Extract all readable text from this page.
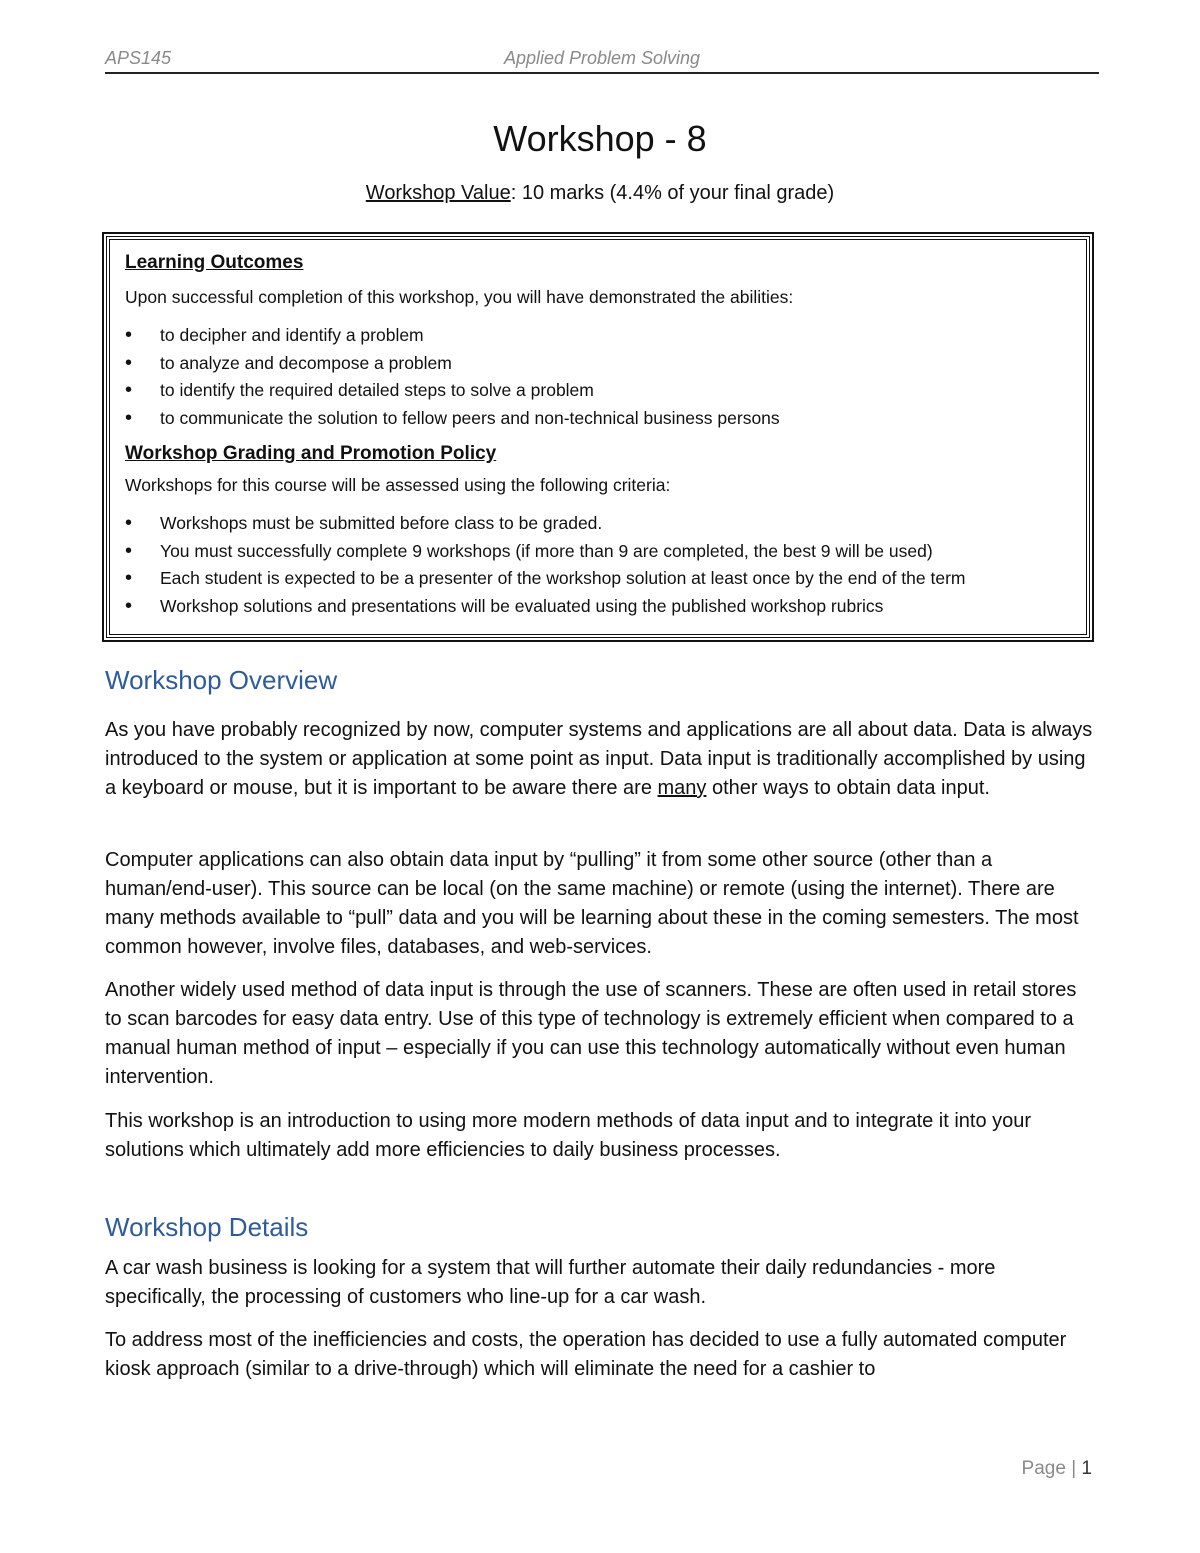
APS145	Applied Problem Solving
Workshop - 8
Workshop Value: 10 marks (4.4% of your final grade)
Learning Outcomes

Upon successful completion of this workshop, you will have demonstrated the abilities:

• to decipher and identify a problem
• to analyze and decompose a problem
• to identify the required detailed steps to solve a problem
• to communicate the solution to fellow peers and non-technical business persons
Workshop Grading and Promotion Policy

Workshops for this course will be assessed using the following criteria:

• Workshops must be submitted before class to be graded.
• You must successfully complete 9 workshops (if more than 9 are completed, the best 9 will be used)
• Each student is expected to be a presenter of the workshop solution at least once by the end of the term
• Workshop solutions and presentations will be evaluated using the published workshop rubrics
Workshop Overview

As you have probably recognized by now, computer systems and applications are all about data. Data is always introduced to the system or application at some point as input. Data input is traditionally accomplished by using a keyboard or mouse, but it is important to be aware there are many other ways to obtain data input.

Computer applications can also obtain data input by “pulling” it from some other source (other than a human/end-user). This source can be local (on the same machine) or remote (using the internet). There are many methods available to “pull” data and you will be learning about these in the coming semesters. The most common however, involve files, databases, and web-services.

Another widely used method of data input is through the use of scanners. These are often used in retail stores to scan barcodes for easy data entry. Use of this type of technology is extremely efficient when compared to a manual human method of input – especially if you can use this technology automatically without even human intervention.

This workshop is an introduction to using more modern methods of data input and to integrate it into your solutions which ultimately add more efficiencies to daily business processes.

Workshop Details

A car wash business is looking for a system that will further automate their daily redundancies - more specifically, the processing of customers who line-up for a car wash.

To address most of the inefficiencies and costs, the operation has decided to use a fully automated computer kiosk approach (similar to a drive-through) which will eliminate the need for a cashier to

Page | 1
